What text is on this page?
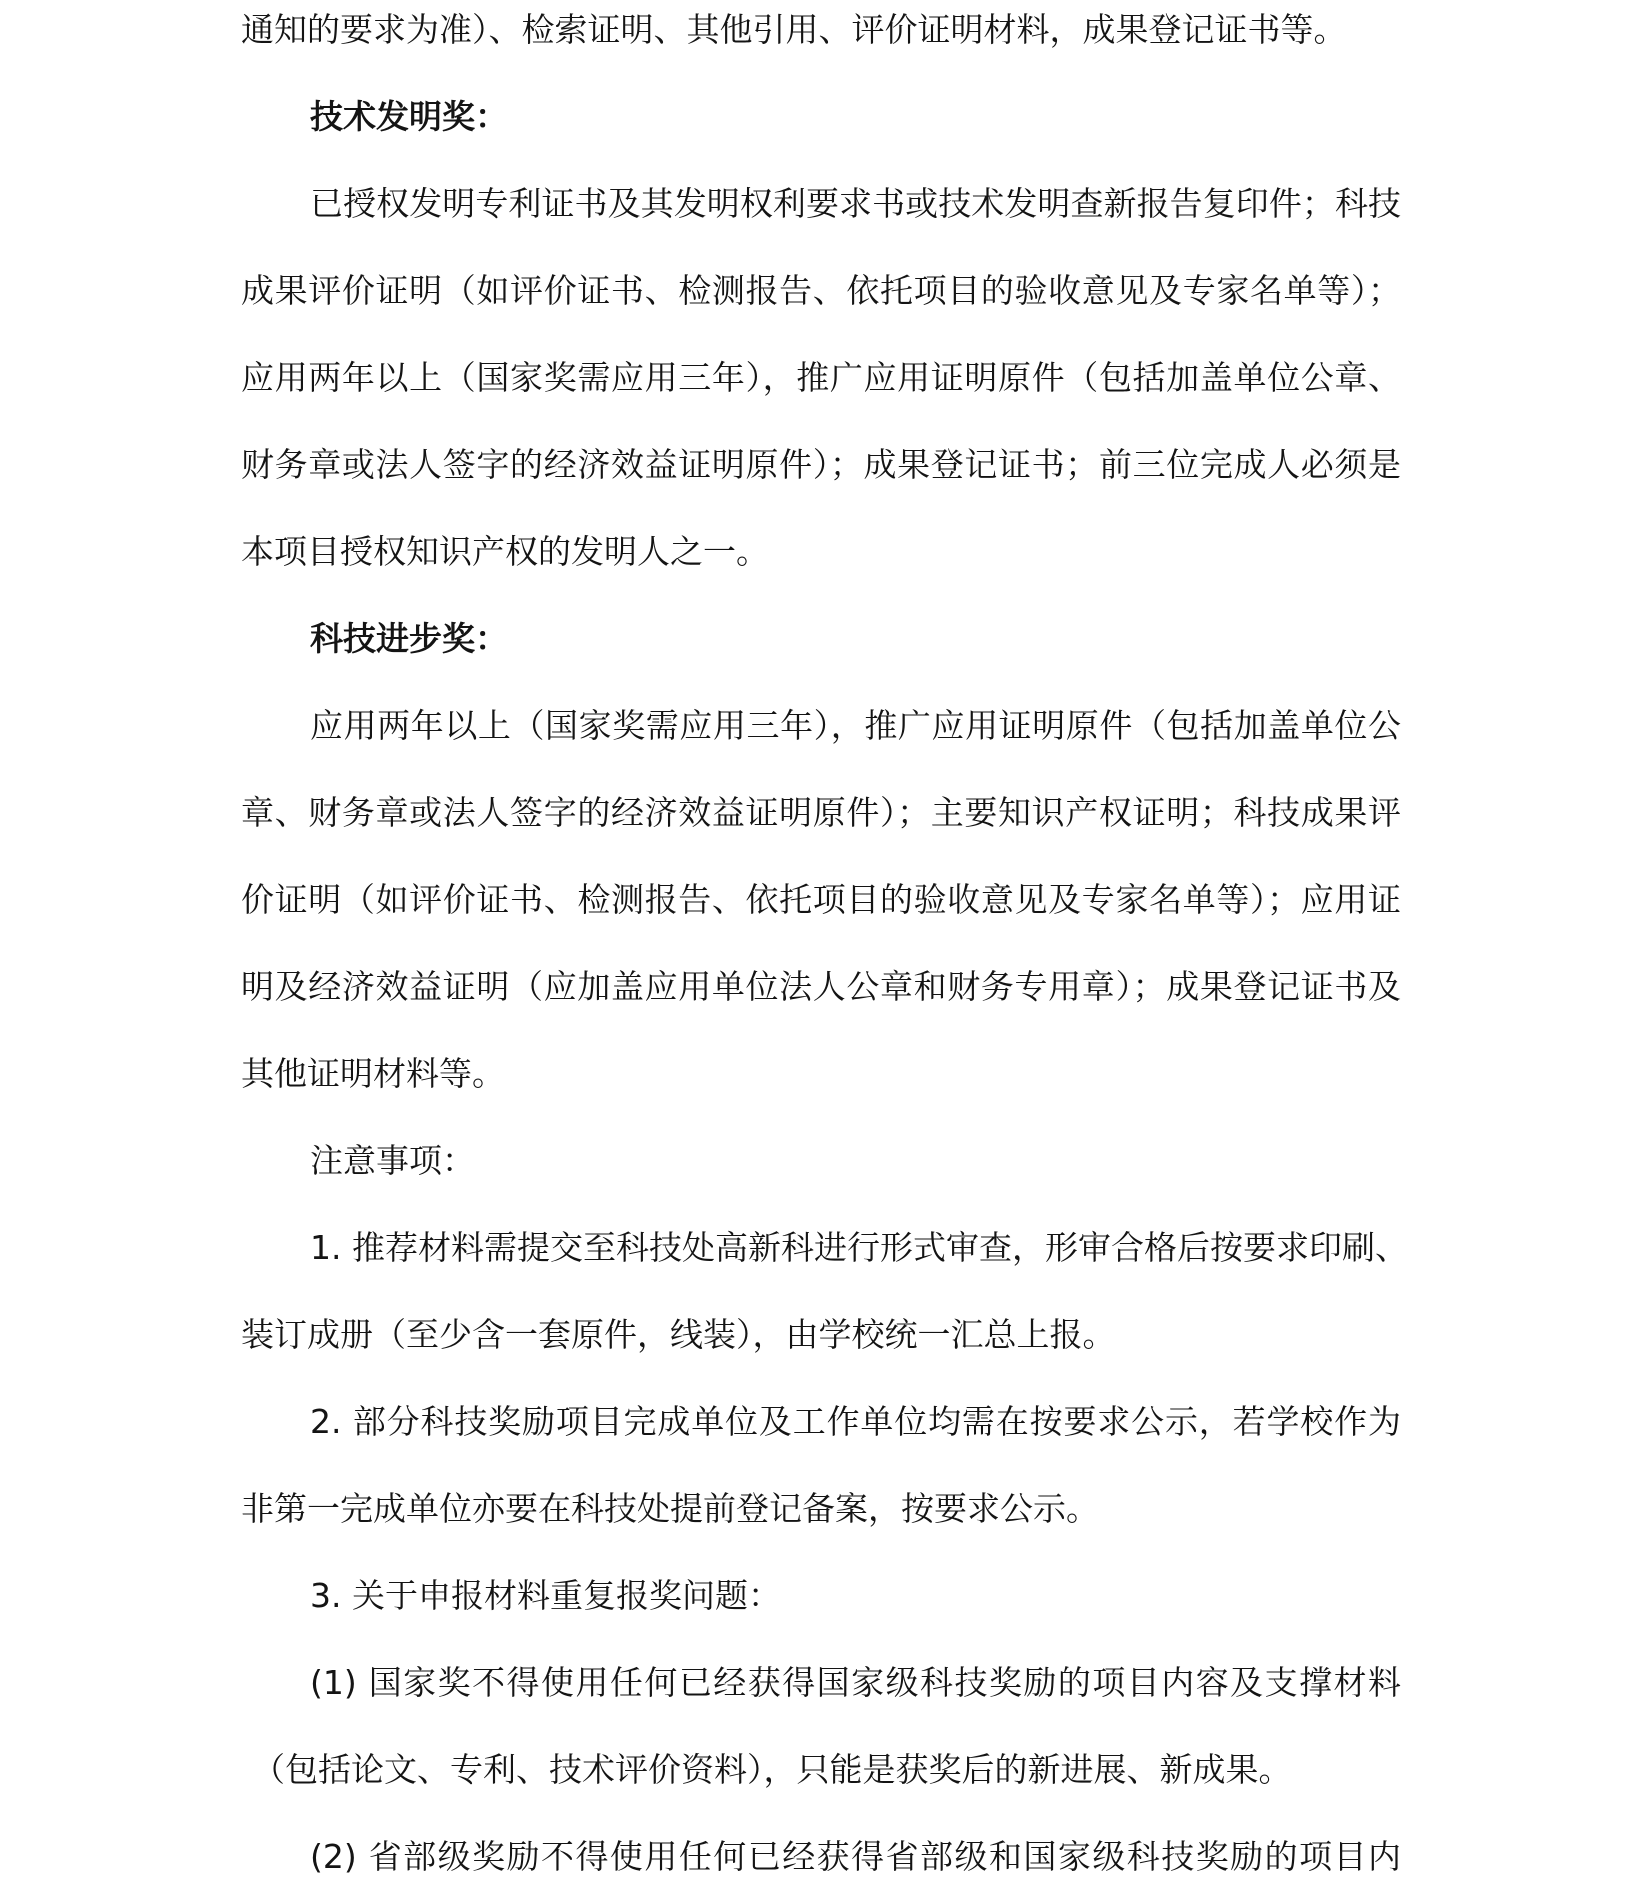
通知的要求为准）、检索证明、其他引用、评价证明材料，成果登记证书等。

技术发明奖：

已授权发明专利证书及其发明权利要求书或技术发明查新报告复印件；科技

成果评价证明（如评价证书、检测报告、依托项目的验收意见及专家名单等）；

应用两年以上（国家奖需应用三年），推广应用证明原件（包括加盖单位公章、

财务章或法人签字的经济效益证明原件）；成果登记证书；前三位完成人必须是

本项目授权知识产权的发明人之一。

科技进步奖：

应用两年以上（国家奖需应用三年），推广应用证明原件（包括加盖单位公

章、财务章或法人签字的经济效益证明原件）；主要知识产权证明；科技成果评

价证明（如评价证书、检测报告、依托项目的验收意见及专家名单等）；应用证

明及经济效益证明（应加盖应用单位法人公章和财务专用章）；成果登记证书及

其他证明材料等。

注意事项：

1. 推荐材料需提交至科技处高新科进行形式审查，形审合格后按要求印刷、

装订成册（至少含一套原件，线装），由学校统一汇总上报。

2. 部分科技奖励项目完成单位及工作单位均需在按要求公示，若学校作为

非第一完成单位亦要在科技处提前登记备案，按要求公示。

3. 关于申报材料重复报奖问题：

(1) 国家奖不得使用任何已经获得国家级科技奖励的项目内容及支撑材料

（包括论文、专利、技术评价资料），只能是获奖后的新进展、新成果。

(2) 省部级奖励不得使用任何已经获得省部级和国家级科技奖励的项目内
